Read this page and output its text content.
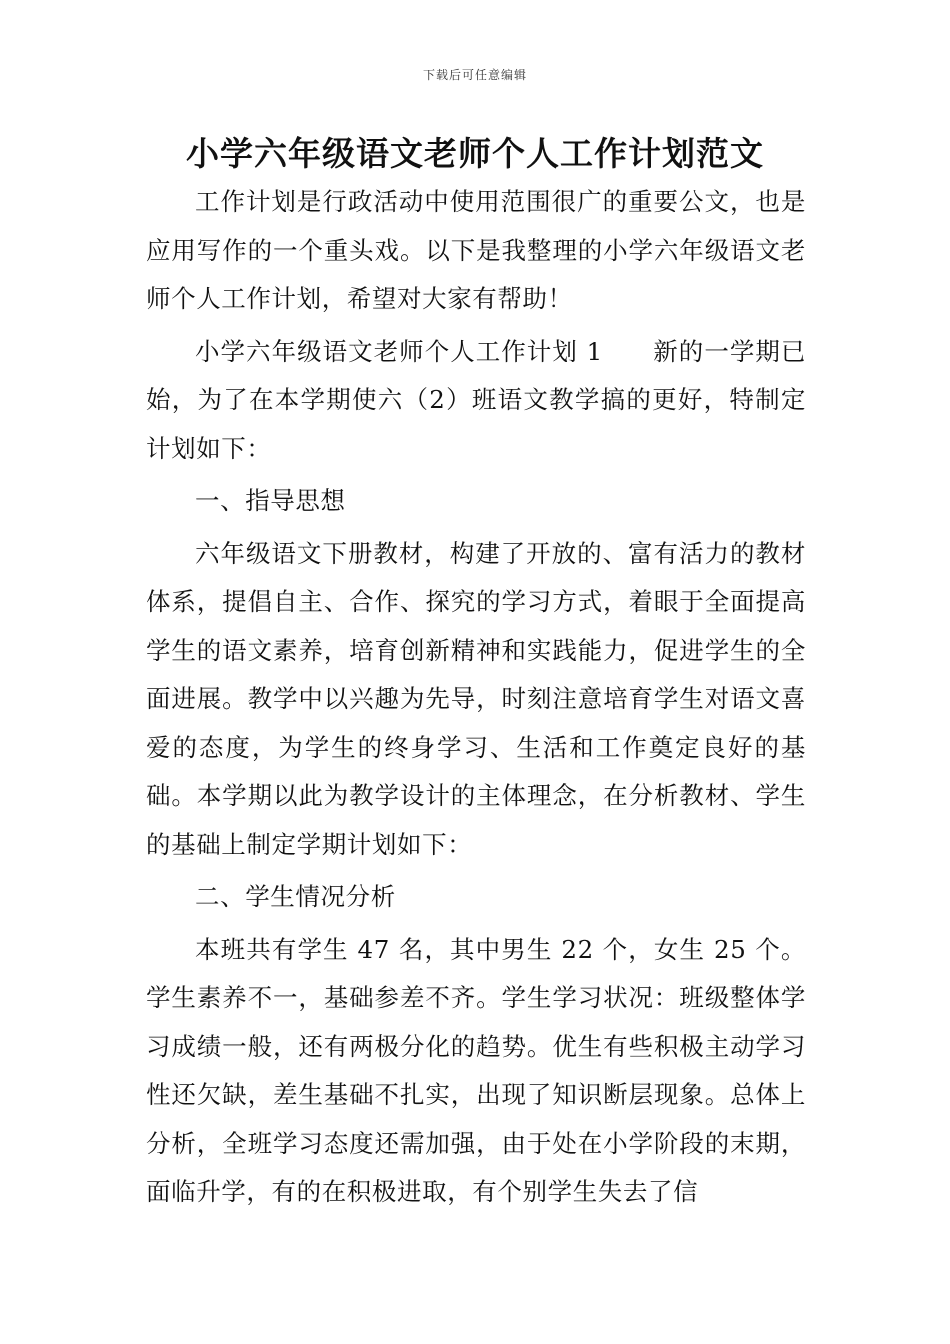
下载后可任意编辑
小学六年级语文老师个人工作计划范文

工作计划是行政活动中使用范围很广的重要公文，也是应用写作的一个重头戏。以下是我整理的小学六年级语文老师个人工作计划，希望对大家有帮助！

小学六年级语文老师个人工作计划 1 新的一学期已始，为了在本学期使六（2）班语文教学搞的更好，特制定计划如下：

一、指导思想

六年级语文下册教材，构建了开放的、富有活力的教材体系，提倡自主、合作、探究的学习方式，着眼于全面提高学生的语文素养，培育创新精神和实践能力，促进学生的全面进展。教学中以兴趣为先导，时刻注意培育学生对语文喜爱的态度，为学生的终身学习、生活和工作奠定良好的基础。本学期以此为教学设计的主体理念，在分析教材、学生的基础上制定学期计划如下：

二、学生情况分析

本班共有学生 47 名，其中男生 22 个，女生 25 个。学生素养不一，基础参差不齐。学生学习状况：班级整体学习成绩一般，还有两极分化的趋势。优生有些积极主动学习性还欠缺，差生基础不扎实，出现了知识断层现象。总体上分析，全班学习态度还需加强，由于处在小学阶段的末期，面临升学，有的在积极进取，有个别学生失去了信
